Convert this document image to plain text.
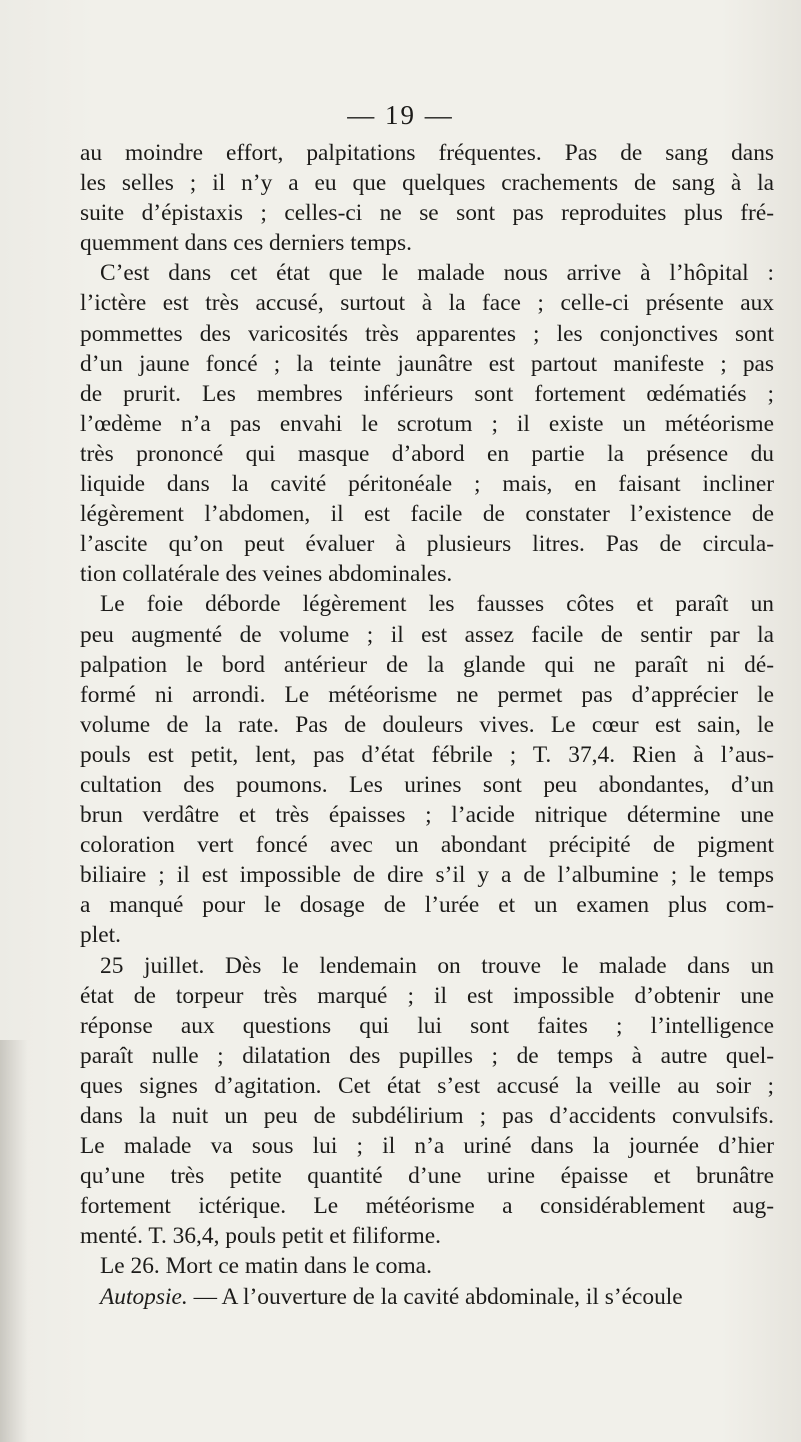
— 19 —
au moindre effort, palpitations fréquentes. Pas de sang dans
les selles ; il n’y a eu que quelques crachements de sang à la
suite d’épistaxis ; celles-ci ne se sont pas reproduites plus fré-
quemment dans ces derniers temps.
C’est dans cet état que le malade nous arrive à l’hôpital :
l’ictère est très accusé, surtout à la face ; celle-ci présente aux
pommettes des varicosités très apparentes ; les conjonctives sont
d’un jaune foncé ; la teinte jaunâtre est partout manifeste ; pas
de prurit. Les membres inférieurs sont fortement œdématiés ;
l’œdème n’a pas envahi le scrotum ; il existe un météorisme
très prononcé qui masque d’abord en partie la présence du
liquide dans la cavité péritonéale ; mais, en faisant incliner
légèrement l’abdomen, il est facile de constater l’existence de
l’ascite qu’on peut évaluer à plusieurs litres. Pas de circula-
tion collatérale des veines abdominales.
Le foie déborde légèrement les fausses côtes et paraît un
peu augmenté de volume ; il est assez facile de sentir par la
palpation le bord antérieur de la glande qui ne paraît ni dé-
formé ni arrondi. Le météorisme ne permet pas d’apprécier le
volume de la rate. Pas de douleurs vives. Le cœur est sain, le
pouls est petit, lent, pas d’état fébrile ; T. 37,4. Rien à l’aus-
cultation des poumons. Les urines sont peu abondantes, d’un
brun verdâtre et très épaisses ; l’acide nitrique détermine une
coloration vert foncé avec un abondant précipité de pigment
biliaire ; il est impossible de dire s’il y a de l’albumine ; le temps
a manqué pour le dosage de l’urée et un examen plus com-
plet.
25 juillet. Dès le lendemain on trouve le malade dans un
état de torpeur très marqué ; il est impossible d’obtenir une
réponse aux questions qui lui sont faites ; l’intelligence
paraît nulle ; dilatation des pupilles ; de temps à autre quel-
ques signes d’agitation. Cet état s’est accusé la veille au soir ;
dans la nuit un peu de subdélirium ; pas d’accidents convulsifs.
Le malade va sous lui ; il n’a uriné dans la journée d’hier
qu’une très petite quantité d’une urine épaisse et brunâtre
fortement ictérique. Le météorisme a considérablement aug-
menté. T. 36,4, pouls petit et filiforme.
Le 26. Mort ce matin dans le coma.
Autopsie. — A l’ouverture de la cavité abdominale, il s’écoule
